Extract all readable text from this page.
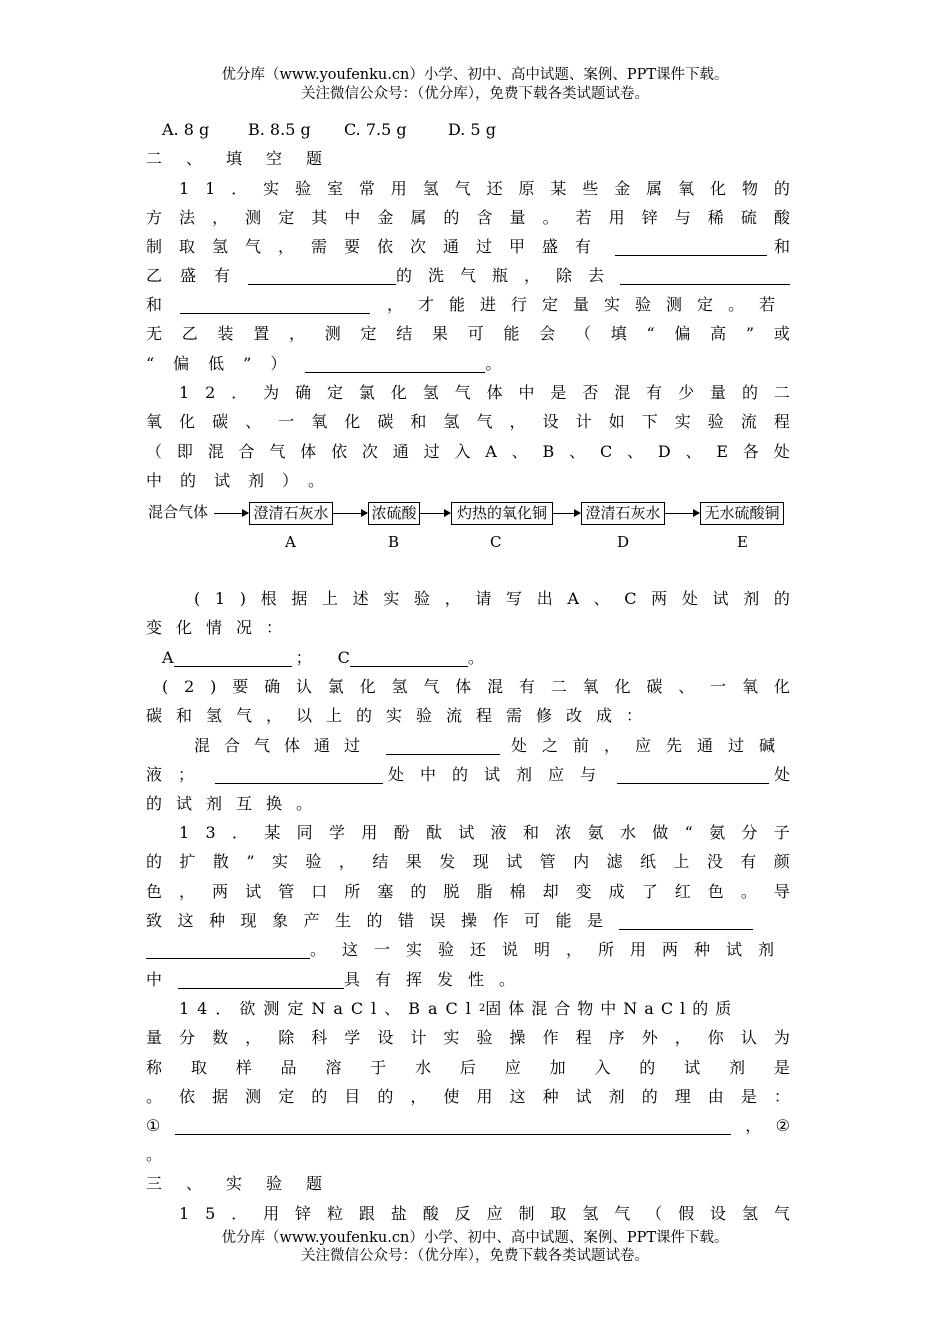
优分库（www.youfenku.cn）小学、初中、高中试题、案例、PPT课件下载。
关注微信公众号：（优分库），免费下载各类试题试卷。
A. 8 g	B. 8.5 g	C. 7.5 g	D. 5 g
二、填空题
1 1 ． 实 验 室 常 用 氢 气 还 原 某 些 金 属 氧 化 物 的
方 法 ， 测 定 其 中 金 属 的 含 量 。 若 用 锌 与 稀 硫 酸
制取氢气，需要依次通过甲盛有	和
乙盛有	的洗气瓶，除去
和	，才能进行定量实验测定。若
无 乙 装 置 ， 测 定 结 果 可 能 会 （ 填 “ 偏 高 ” 或
“偏低”）	。
1 2 ． 为 确 定 氯 化 氢 气 体 中 是 否 混 有 少 量 的 二
氧 化 碳 、 一 氧 化 碳 和 氢 气 ， 设 计 如 下 实 验 流 程
（ 即 混 合 气 体 依 次 通 过 入 A 、 B 、 C 、 D 、 E 各 处
中的试剂）。
混合气体	澄清石灰水	浓硫酸	灼热的氧化铜	澄清石灰水	无水硫酸铜
A	B	C	D	E
( 1 ) 根 据 上 述 实 验 ， 请 写 出 A 、 C 两 处 试 剂 的
变化情况：
A	； C	。
( 2 ) 要 确 认 氯 化 氢 气 体 混 有 二 氧 化 碳 、 一 氧 化
碳和氢气，以上的实验流程需修改成：
混合气体通过	处之前，应先通过碱
液；	处中的试剂应与	处
的试剂互换。
1 3 ． 某 同 学 用 酚 酞 试 液 和 浓 氨 水 做 “ 氨 分 子
的 扩 散 ” 实 验 ， 结 果 发 现 试 管 内 滤 纸 上 没 有 颜
色 ， 两 试 管 口 所 塞 的 脱 脂 棉 却 变 成 了 红 色 。 导
致这种现象产生的错误操作可能是
。这一实验还说明，所用两种试剂
中	具有挥发性。
14．欲测定NaCl、BaCl 2 固体混合物中NaCl的质
量 分 数 ， 除 科 学 设 计 实 验 操 作 程 序 外 ， 你 认 为
称 取 样 品 溶 于 水 后 应 加 入 的 试 剂 是
。 依 据 测 定 的 目 的 ， 使 用 这 种 试 剂 的 理 由 是 ：
①	， ②
。
三、实验题
1 5 ． 用 锌 粒 跟 盐 酸 反 应 制 取 氢 气 （ 假 设 氢 气
优分库（www.youfenku.cn）小学、初中、高中试题、案例、PPT课件下载。
关注微信公众号：（优分库），免费下载各类试题试卷。
